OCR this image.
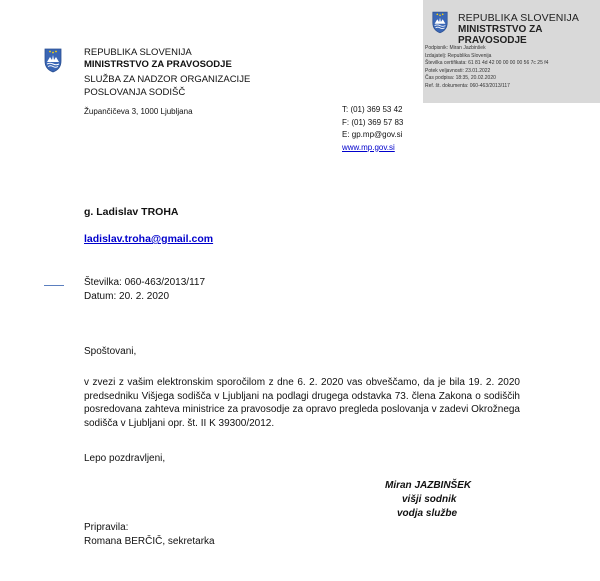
REPUBLIKA SLOVENIJA
MINISTRSTVO ZA PRAVOSODJE
Podpisnik: Miran Jazbinšek
Izdajatelj: Republika Slovenija
Številka certifikata: 61 81 4d 42 00 00 00 00 56 7c 25 f4
Potek veljavnosti: 23.01.2022
Čas podpisa: 18:35, 20.02.2020
Ref. št. dokumenta: 060-463/2013/117
REPUBLIKA SLOVENIJA
MINISTRSTVO ZA PRAVOSODJE
SLUŽBA ZA NADZOR ORGANIZACIJE
POSLOVANJA SODIŠČ
Župančičeva 3, 1000 Ljubljana	T: (01) 369 53 42
F: (01) 369 57 83
E: gp.mp@gov.si
www.mp.gov.si
g. Ladislav TROHA
ladislav.troha@gmail.com
Številka: 060-463/2013/117
Datum: 20. 2. 2020
Spoštovani,

v zvezi z vašim elektronskim sporočilom z dne 6. 2. 2020 vas obveščamo, da je bila 19. 2. 2020 predsedniku Višjega sodišča v Ljubljani na podlagi drugega odstavka 73. člena Zakona o sodiščih posredovana zahteva ministrice za pravosodje za opravo pregleda poslovanja v zadevi Okrožnega sodišča v Ljubljani opr. št. II K 39300/2012.

Lepo pozdravljeni,
Miran JAZBINŠEK
višji sodnik
vodja službe
Pripravila:
Romana BERČIČ, sekretarka
